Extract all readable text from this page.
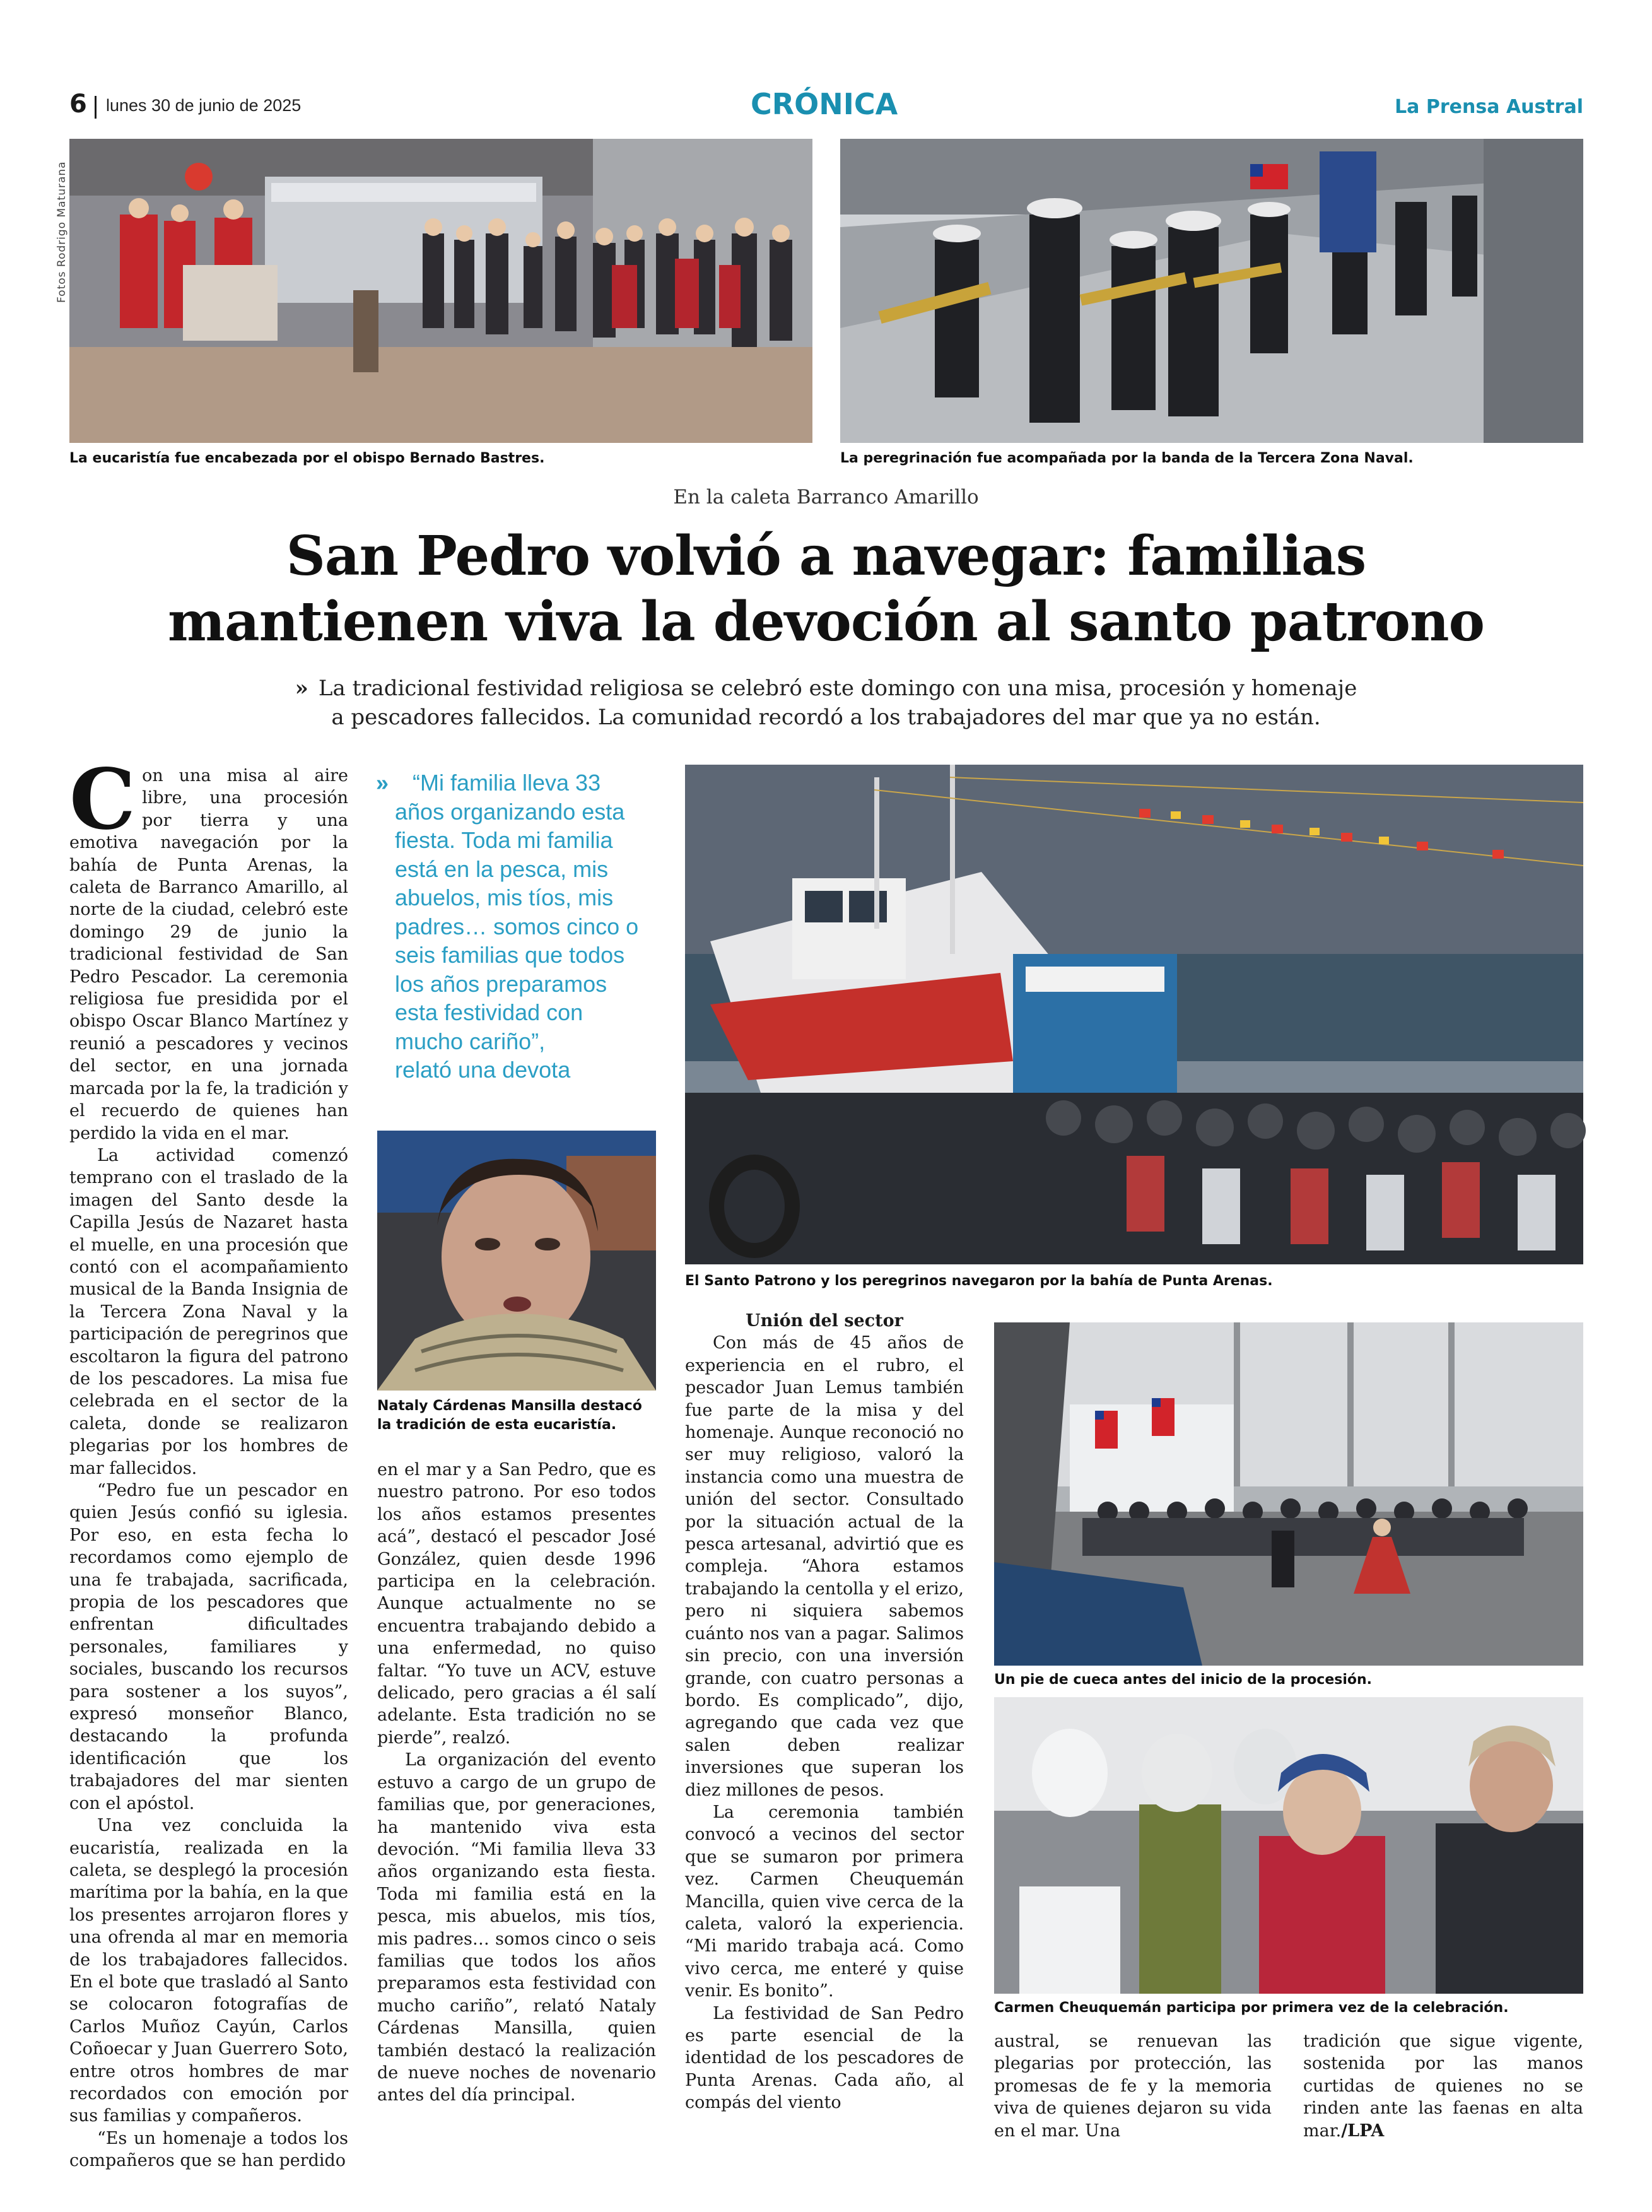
6 lunes 30 de junio de 2025	CRÓNICA	La Prensa Austral
Fotos Rodrigo Maturana
La eucaristía fue encabezada por el obispo Bernado Bastres.	La peregrinación fue acompañada por la banda de la Tercera Zona Naval.
En la caleta Barranco Amarillo
San Pedro volvió a navegar: familias
mantienen viva la devoción al santo patrono
» La tradicional festividad religiosa se celebró este domingo con una misa, procesión y homenaje
a pescadores fallecidos. La comunidad recordó a los trabajadores del mar que ya no están.

Con una misa al aire libre, una procesión por tierra y una emotiva navegación por la bahía de Punta Arenas, la caleta de Barranco Amarillo, al norte de la ciudad, celebró este domingo 29 de junio la tradicional festividad de San Pedro Pescador. La ceremonia religiosa fue presidida por el obispo Oscar Blanco Martínez y reunió a pescadores y vecinos del sector, en una jornada marcada por la fe, la tradición y el recuerdo de quienes han perdido la vida en el mar.

La actividad comenzó temprano con el traslado de la imagen del Santo desde la Capilla Jesús de Nazaret hasta el muelle, en una procesión que contó con el acompañamiento musical de la Banda Insignia de la Tercera Zona Naval y la participación de peregrinos que escoltaron la figura del patrono de los pescadores. La misa fue celebrada en el sector de la caleta, donde se realizaron plegarias por los hombres de mar fallecidos.

“Pedro fue un pescador en quien Jesús confió su iglesia. Por eso, en esta fecha lo recordamos como ejemplo de una fe trabajada, sacrificada, propia de los pescadores que enfrentan dificultades personales, familiares y sociales, buscando los recursos para sostener a los suyos”, expresó monseñor Blanco, destacando la profunda identificación que los trabajadores del mar sienten con el apóstol.

Una vez concluida la eucaristía, realizada en la caleta, se desplegó la procesión marítima por la bahía, en la que los presentes arrojaron flores y una ofrenda al mar en memoria de los trabajadores fallecidos. En el bote que trasladó al Santo se colocaron fotografías de Carlos Muñoz Cayún, Carlos Coñoecar y Juan Guerrero Soto, entre otros hombres de mar recordados con emoción por sus familias y compañeros.

“Es un homenaje a todos los compañeros que se han perdido

»	“Mi familia lleva 33
años organizando esta
fiesta. Toda mi familia
está en la pesca, mis
abuelos, mis tíos, mis
padres… somos cinco o
seis familias que todos
los años preparamos
esta festividad con
mucho cariño”,
relató una devota
Nataly Cárdenas Mansilla destacó la tradición de esta eucaristía.

en el mar y a San Pedro, que es nuestro patrono. Por eso todos los años estamos presentes acá”, destacó el pescador José González, quien desde 1996 participa en la celebración. Aunque actualmente no se encuentra trabajando debido a una enfermedad, no quiso faltar. “Yo tuve un ACV, estuve delicado, pero gracias a él salí adelante. Esta tradición no se pierde”, realzó.

La organización del evento estuvo a cargo de un grupo de familias que, por generaciones, ha mantenido viva esta devoción. “Mi familia lleva 33 años organizando esta fiesta. Toda mi familia está en la pesca, mis abuelos, mis tíos, mis padres… somos cinco o seis familias que todos los años preparamos esta festividad con mucho cariño”, relató Nataly Cárdenas Mansilla, quien también destacó la realización de nueve noches de novenario antes del día principal.

El Santo Patrono y los peregrinos navegaron por la bahía de Punta Arenas.

Unión del sector

Con más de 45 años de experiencia en el rubro, el pescador Juan Lemus también fue parte de la misa y del homenaje. Aunque reconoció no ser muy religioso, valoró la instancia como una muestra de unión del sector. Consultado por la situación actual de la pesca artesanal, advirtió que es compleja. “Ahora estamos trabajando la centolla y el erizo, pero ni siquiera sabemos cuánto nos van a pagar. Salimos sin precio, con una inversión grande, con cuatro personas a bordo. Es complicado”, dijo, agregando que cada vez que salen deben realizar inversiones que superan los diez millones de pesos.

La ceremonia también convocó a vecinos del sector que se sumaron por primera vez. Carmen Cheuquemán Mancilla, quien vive cerca de la caleta, valoró la experiencia. “Mi marido trabaja acá. Como vivo cerca, me enteré y quise venir. Es bonito”.

La festividad de San Pedro es parte esencial de la identidad de los pescadores de Punta Arenas. Cada año, al compás del viento

Un pie de cueca antes del inicio de la procesión.
Carmen Cheuquemán participa por primera vez de la celebración.

austral, se renuevan las plegarias por protección, las promesas de fe y la memoria viva de quienes dejaron su vida en el mar. Una

tradición que sigue vigente, sostenida por las manos curtidas de quienes no se rinden ante las faenas en alta mar./LPA
